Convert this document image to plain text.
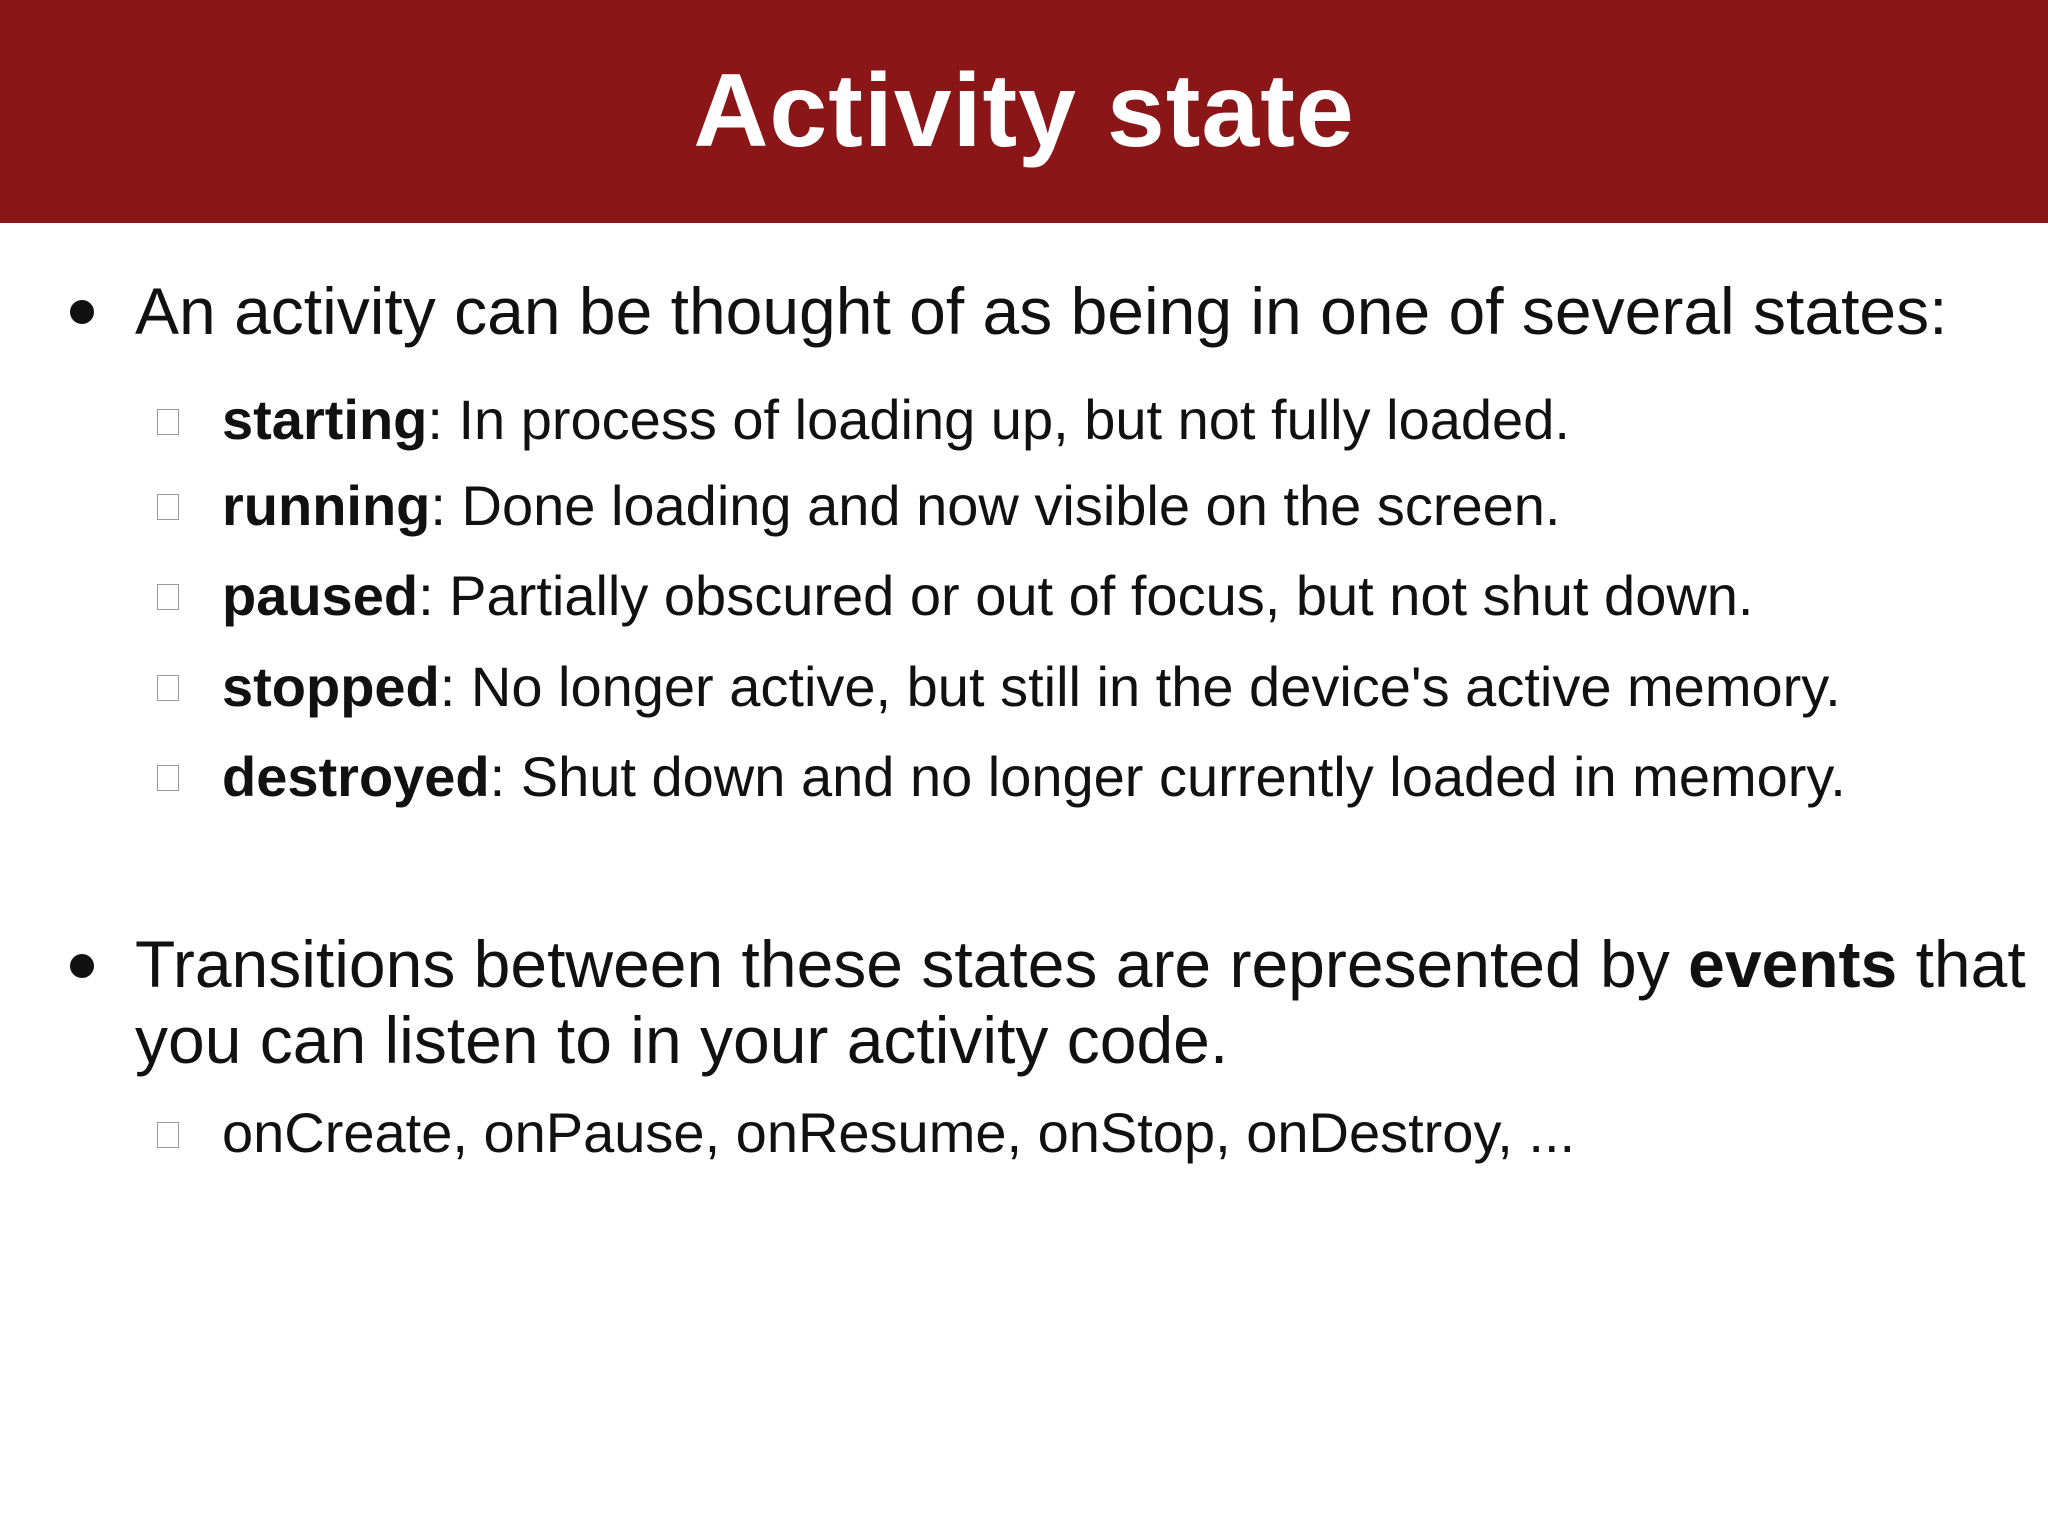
Activity state
An activity can be thought of as being in one of several states:
starting: In process of loading up, but not fully loaded.
running: Done loading and now visible on the screen.
paused: Partially obscured or out of focus, but not shut down.
stopped: No longer active, but still in the device's active memory.
destroyed: Shut down and no longer currently loaded in memory.
Transitions between these states are represented by events that
you can listen to in your activity code.
onCreate, onPause, onResume, onStop, onDestroy, ...
